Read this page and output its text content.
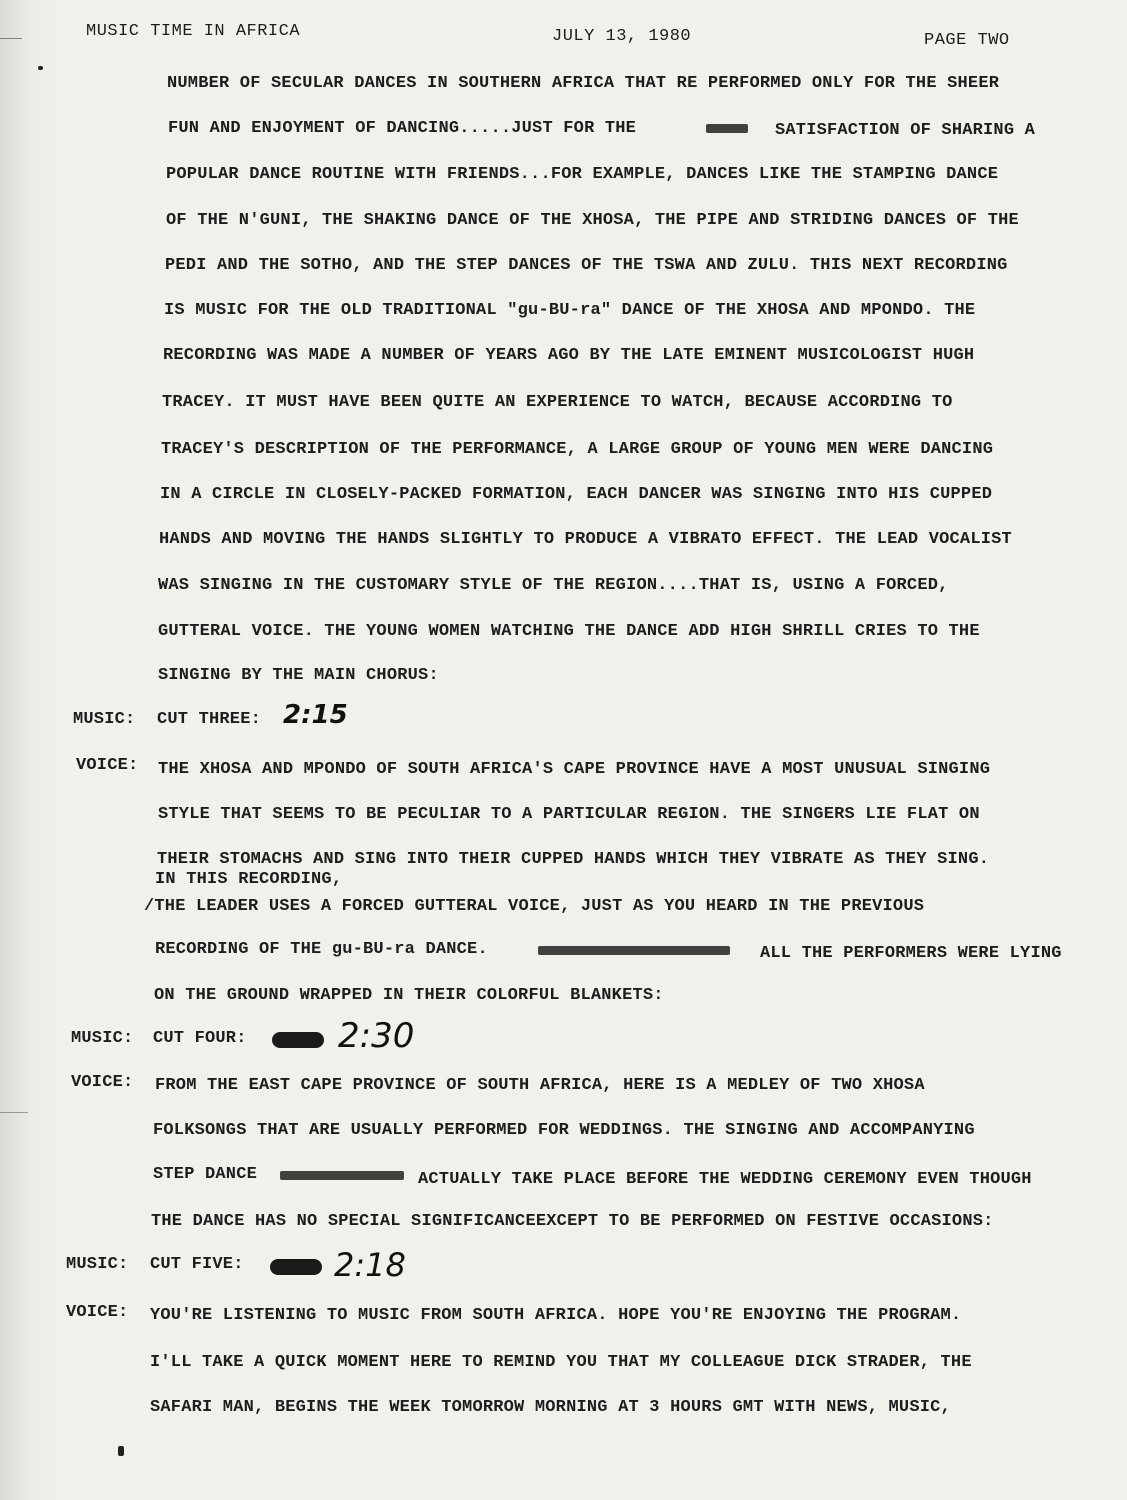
MUSIC TIME IN AFRICA	JULY 13, 1980	PAGE TWO
NUMBER OF SECULAR DANCES IN SOUTHERN AFRICA THAT RE PERFORMED ONLY FOR THE SHEER
FUN AND ENJOYMENT OF DANCING.....JUST FOR THE	SATISFACTION OF SHARING A
POPULAR DANCE ROUTINE WITH FRIENDS...FOR EXAMPLE, DANCES LIKE THE STAMPING DANCE
OF THE N'GUNI, THE SHAKING DANCE OF THE XHOSA, THE PIPE AND STRIDING DANCES OF THE
PEDI AND THE SOTHO, AND THE STEP DANCES OF THE TSWA AND ZULU. THIS NEXT RECORDING
IS MUSIC FOR THE OLD TRADITIONAL "gu-BU-ra" DANCE OF THE XHOSA AND MPONDO. THE
RECORDING WAS MADE A NUMBER OF YEARS AGO BY THE LATE EMINENT MUSICOLOGIST HUGH
TRACEY. IT MUST HAVE BEEN QUITE AN EXPERIENCE TO WATCH, BECAUSE ACCORDING TO
TRACEY'S DESCRIPTION OF THE PERFORMANCE, A LARGE GROUP OF YOUNG MEN WERE DANCING
IN A CIRCLE IN CLOSELY-PACKED FORMATION, EACH DANCER WAS SINGING INTO HIS CUPPED
HANDS AND MOVING THE HANDS SLIGHTLY TO PRODUCE A VIBRATO EFFECT. THE LEAD VOCALIST
WAS SINGING IN THE CUSTOMARY STYLE OF THE REGION....THAT IS, USING A FORCED,
GUTTERAL VOICE. THE YOUNG WOMEN WATCHING THE DANCE ADD HIGH SHRILL CRIES TO THE
SINGING BY THE MAIN CHORUS:
MUSIC: CUT THREE: 2:15
VOICE: THE XHOSA AND MPONDO OF SOUTH AFRICA'S CAPE PROVINCE HAVE A MOST UNUSUAL SINGING
STYLE THAT SEEMS TO BE PECULIAR TO A PARTICULAR REGION. THE SINGERS LIE FLAT ON
THEIR STOMACHS AND SING INTO THEIR CUPPED HANDS WHICH THEY VIBRATE AS THEY SING.
IN THIS RECORDING,
/THE LEADER USES A FORCED GUTTERAL VOICE, JUST AS YOU HEARD IN THE PREVIOUS
RECORDING OF THE gu-BU-ra DANCE.	ALL THE PERFORMERS WERE LYING
ON THE GROUND WRAPPED IN THEIR COLORFUL BLANKETS:
MUSIC: CUT FOUR:	2:30
VOICE: FROM THE EAST CAPE PROVINCE OF SOUTH AFRICA, HERE IS A MEDLEY OF TWO XHOSA
FOLKSONGS THAT ARE USUALLY PERFORMED FOR WEDDINGS. THE SINGING AND ACCOMPANYING
STEP DANCE	ACTUALLY TAKE PLACE BEFORE THE WEDDING CEREMONY EVEN THOUGH
THE DANCE HAS NO SPECIAL SIGNIFICANCEEXCEPT TO BE PERFORMED ON FESTIVE OCCASIONS:
MUSIC: CUT FIVE:	2:18
VOICE: YOU'RE LISTENING TO MUSIC FROM SOUTH AFRICA. HOPE YOU'RE ENJOYING THE PROGRAM.
I'LL TAKE A QUICK MOMENT HERE TO REMIND YOU THAT MY COLLEAGUE DICK STRADER, THE
SAFARI MAN, BEGINS THE WEEK TOMORROW MORNING AT 3 HOURS GMT WITH NEWS, MUSIC,
